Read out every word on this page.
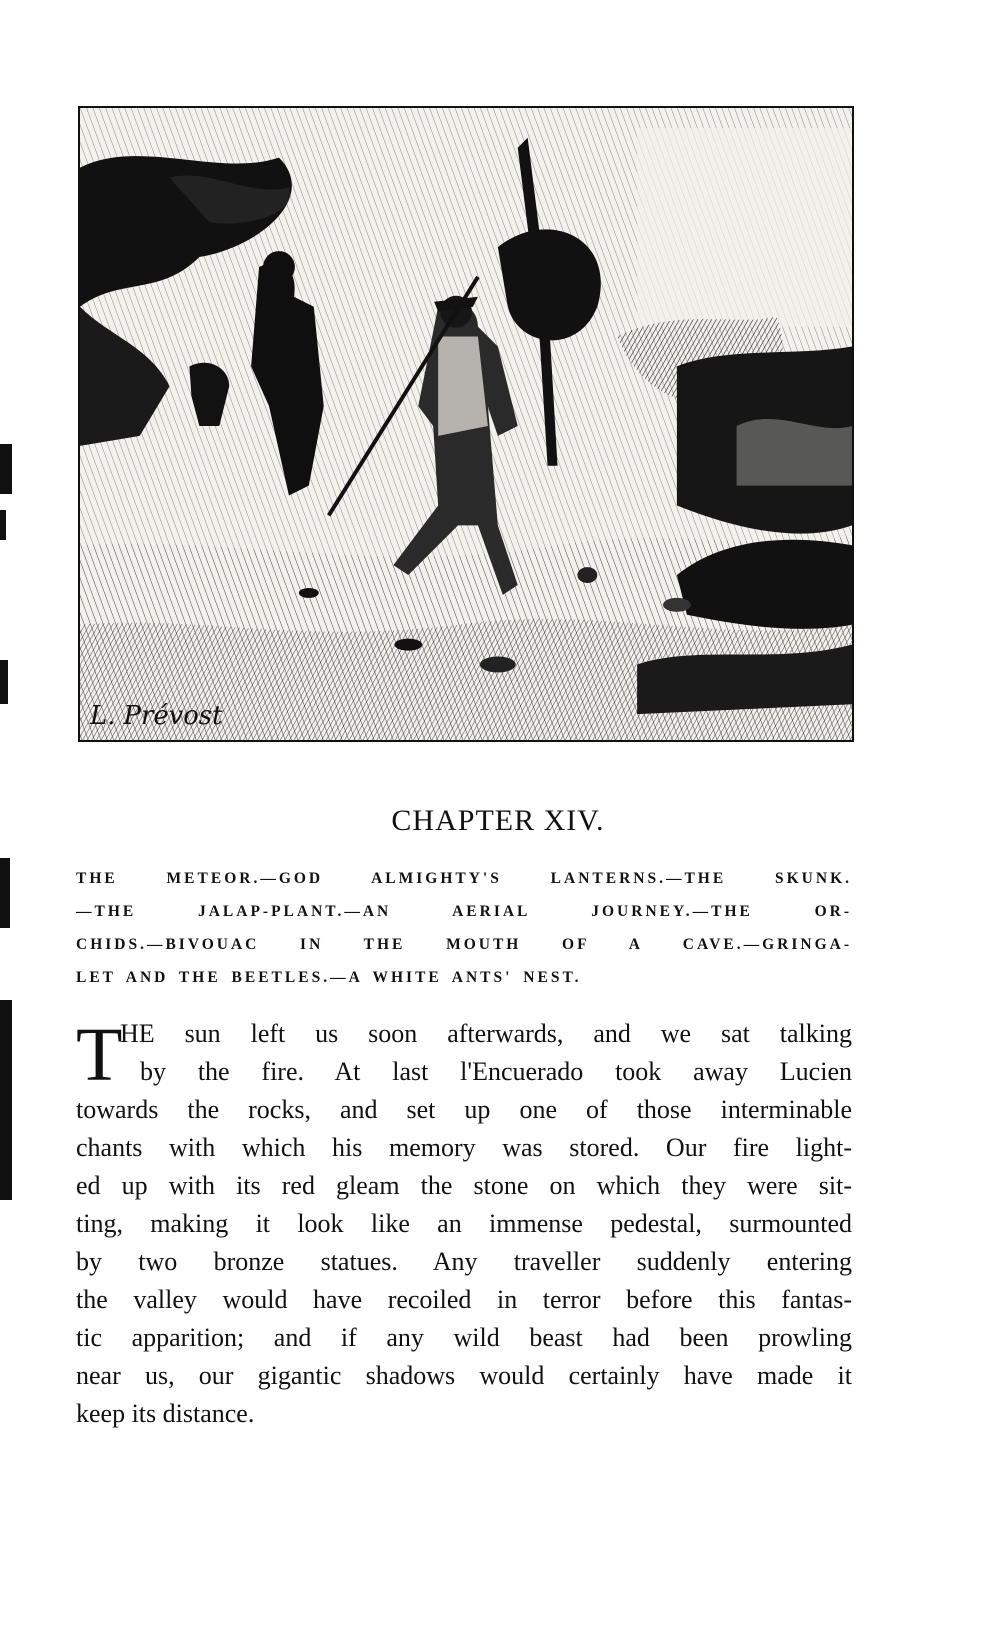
L. Prévost
CHAPTER XIV.
THE METEOR.—GOD ALMIGHTY'S LANTERNS.—THE SKUNK.
—THE JALAP-PLANT.—AN AERIAL JOURNEY.—THE OR-
CHIDS.—BIVOUAC IN THE MOUTH OF A CAVE.—GRINGA-
LET AND THE BEETLES.—A WHITE ANTS' NEST.
T
HE sun left us soon afterwards, and we sat talking
by the fire. At last l'Encuerado took away Lucien
towards the rocks, and set up one of those interminable
chants with which his memory was stored. Our fire light-
ed up with its red gleam the stone on which they were sit-
ting, making it look like an immense pedestal, surmounted
by two bronze statues. Any traveller suddenly entering
the valley would have recoiled in terror before this fantas-
tic apparition; and if any wild beast had been prowling
near us, our gigantic shadows would certainly have made it
keep its distance.
